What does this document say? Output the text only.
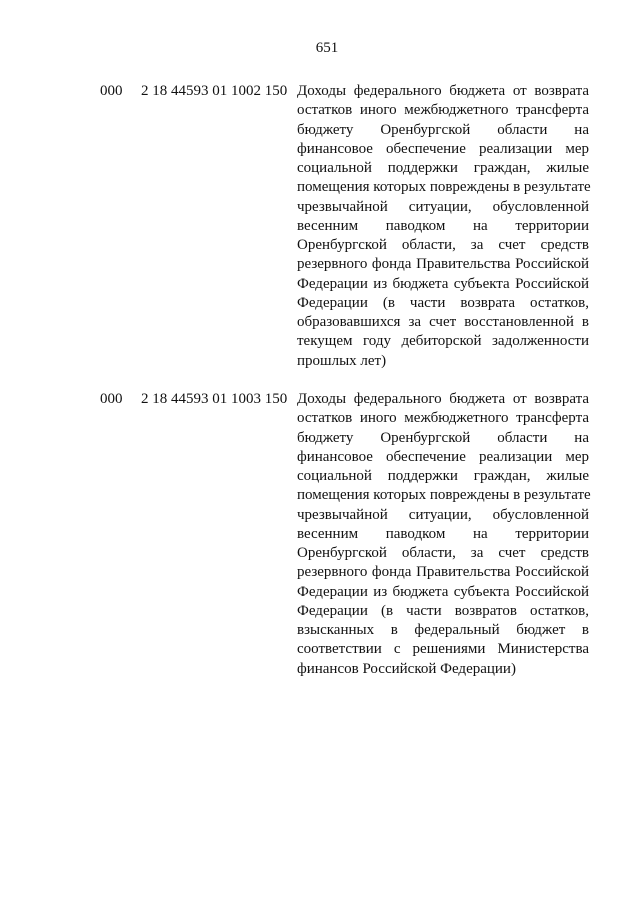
651
000 2 18 44593 01 1002 150 Доходы федерального бюджета от возврата
остатков иного межбюджетного трансферта
бюджету Оренбургской области на
финансовое обеспечение реализации мер
социальной поддержки граждан, жилые
помещения которых повреждены в результате
чрезвычайной ситуации, обусловленной
весенним паводком на территории
Оренбургской области, за счет средств
резервного фонда Правительства Российской
Федерации из бюджета субъекта Российской
Федерации (в части возврата остатков,
образовавшихся за счет восстановленной в
текущем году дебиторской задолженности
прошлых лет)
000 2 18 44593 01 1003 150 Доходы федерального бюджета от возврата
остатков иного межбюджетного трансферта
бюджету Оренбургской области на
финансовое обеспечение реализации мер
социальной поддержки граждан, жилые
помещения которых повреждены в результате
чрезвычайной ситуации, обусловленной
весенним паводком на территории
Оренбургской области, за счет средств
резервного фонда Правительства Российской
Федерации из бюджета субъекта Российской
Федерации (в части возвратов остатков,
взысканных в федеральный бюджет в
соответствии с решениями Министерства
финансов Российской Федерации)
